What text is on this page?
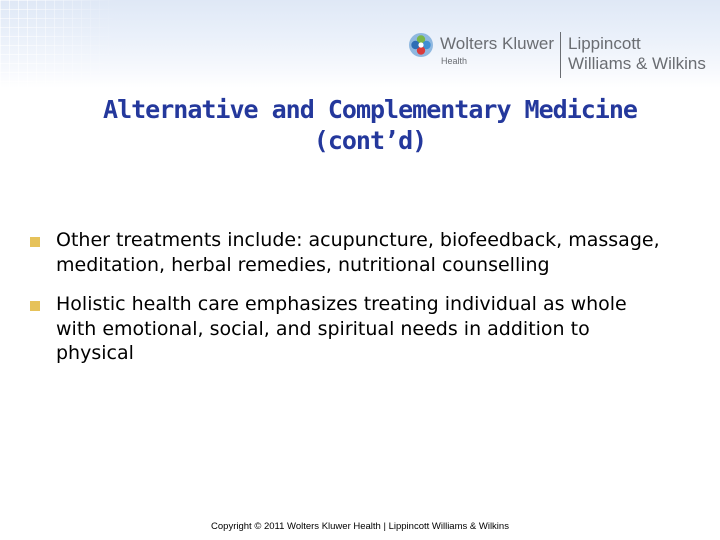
Wolters Kluwer
Health
Lippincott
Williams & Wilkins
Alternative and Complementary Medicine
(cont’d)
Other treatments include: acupuncture, biofeedback, massage, meditation, herbal remedies, nutritional counselling
Holistic health care emphasizes treating individual as whole with emotional, social, and spiritual needs in addition to physical
Copyright © 2011 Wolters Kluwer Health | Lippincott Williams & Wilkins
